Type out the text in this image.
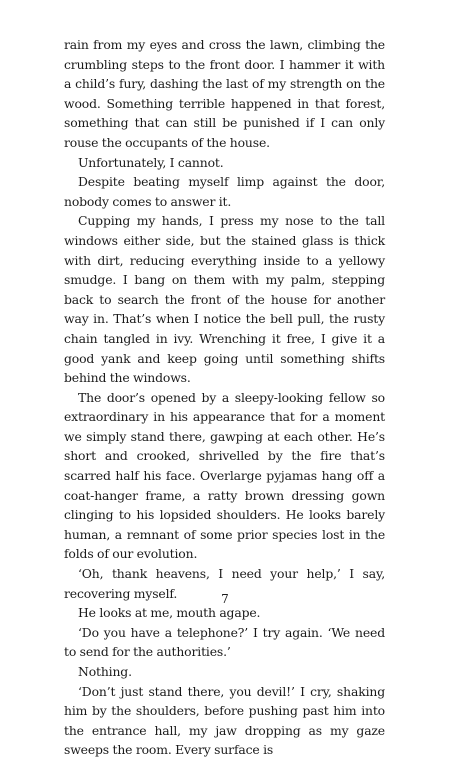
rain from my eyes and cross the lawn, climbing the crumbling steps to the front door. I hammer it with a child’s fury, dashing the last of my strength on the wood. Something terrible happened in that forest, something that can still be punished if I can only rouse the occupants of the house.

Unfortunately, I cannot.

Despite beating myself limp against the door, nobody comes to answer it.

Cupping my hands, I press my nose to the tall windows either side, but the stained glass is thick with dirt, reducing everything inside to a yellowy smudge. I bang on them with my palm, stepping back to search the front of the house for another way in. That’s when I notice the bell pull, the rusty chain tangled in ivy. Wrenching it free, I give it a good yank and keep going until something shifts behind the windows.

The door’s opened by a sleepy-looking fellow so extraordinary in his appearance that for a moment we simply stand there, gawping at each other. He’s short and crooked, shrivelled by the fire that’s scarred half his face. Overlarge pyjamas hang off a coat-hanger frame, a ratty brown dressing gown clinging to his lopsided shoulders. He looks barely human, a remnant of some prior species lost in the folds of our evolution.

‘Oh, thank heavens, I need your help,’ I say, recovering myself.

He looks at me, mouth agape.

‘Do you have a telephone?’ I try again. ‘We need to send for the authorities.’

Nothing.

‘Don’t just stand there, you devil!’ I cry, shaking him by the shoulders, before pushing past him into the entrance hall, my jaw dropping as my gaze sweeps the room. Every surface is

7
